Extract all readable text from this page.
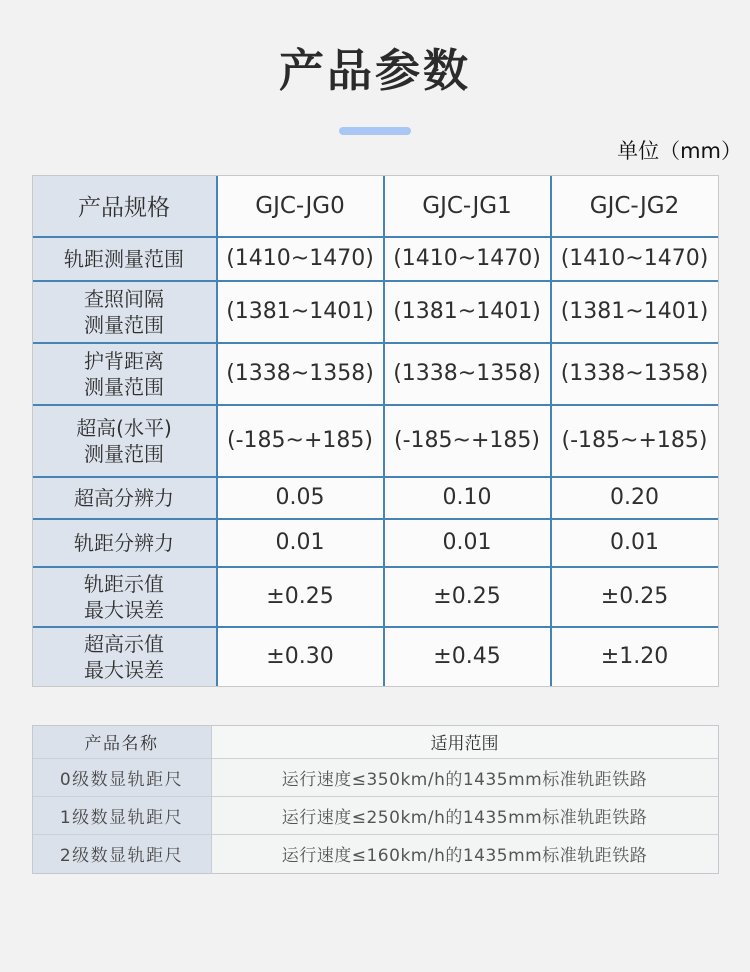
产品参数
单位（mm）
产品规格	GJC-JG0	GJC-JG1	GJC-JG2

轨距测量范围	(1410~1470)	(1410~1470)	(1410~1470)

查照间隔
测量范围	(1381~1401)	(1381~1401)	(1381~1401)

护背距离
测量范围	(1338~1358)	(1338~1358)	(1338~1358)

超高(水平)
测量范围	(-185~+185)	(-185~+185)	(-185~+185)

超高分辨力	0.05	0.10	0.20

轨距分辨力	0.01	0.01	0.01

轨距示值
最大误差	±0.25	±0.25	±0.25

超高示值
最大误差	±0.30	±0.45	±1.20
产品名称	适用范围
0级数显轨距尺	运行速度≤350km/h的1435mm标准轨距铁路
1级数显轨距尺	运行速度≤250km/h的1435mm标准轨距铁路
2级数显轨距尺	运行速度≤160km/h的1435mm标准轨距铁路
